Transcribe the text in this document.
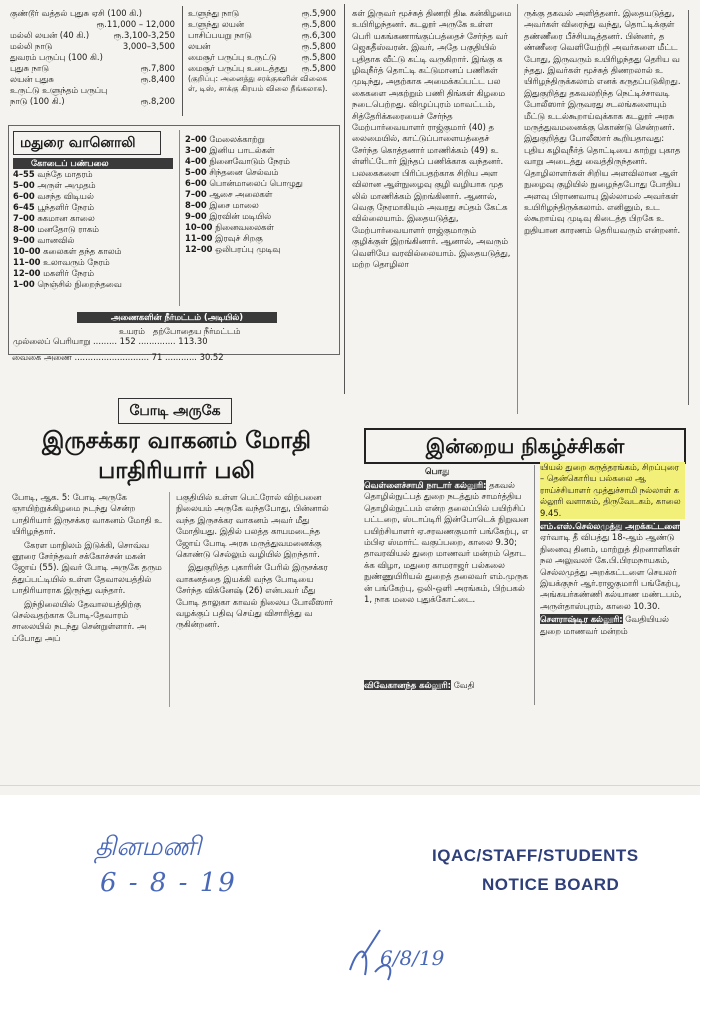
குண்டூர் வத்தல் புதுசு ஏசி (100 கி.)
ரூ.11,000 – 12,000
மல்லி லயன் (40 கி.)	ரூ.3,100-3,250
மல்லி நாடு	3,000–3,500
துவரம் பருப்பு (100 கி.)
புதுசு நாடு	ரூ.7,800
லயன் புதுசு	ரூ.8,400
உருட்டு உளுந்தம் பருப்பு
நாடு (100 கி.)	ரூ.8,200
உளுந்து நாடு	ரூ.5,900
உளுந்து லயன்	ரூ.5,800
பாசிப்பயறு நாடு	ரூ.6,300
லயன்	ரூ.5,800
மைசூர் பருப்பு உருட்டு	ரூ.5,800
மைசூர் பருப்பு உடைத்தது ரூ.5,800
(குறிப்பு: அனைத்து சரக்குகளின் விலைகள், டிஸ், சாக்கு கிரயம் விலை நீங்கலாக).
மதுரை வானொலி
கோடைப் பண்பலை
4–55 வந்தே மாதரம்
5–00 அருள் அமுதம்
6–00 வசந்த விடியல்
6–45 பூந்தளிர் நேரம்
7–00 சுகமான காலை
8–00 மனதோடு ராகம்
9–00 வானவில்
10–00 கலைகள் தந்த காலம்
11–00 உலாவரும் நேரம்
12–00 மகளிர் நேரம்
1–00 நெஞ்சில் நிறைந்தவை
2–00 மேலைக்காற்று
3–00 இனிய பாடல்கள்
4–00 நினைவோடும் நேரம்
5–00 சிந்தனை செல்வம்
6–00 பொன்மாலைப் பொழுது
7–00 ஆசை அலைகள்
8–00 இசை மாலை
9–00 இரவின் மடியில்
10–00 நினைவலைகள்
11–00 இரவுச் சிறகு
12–00 ஒலிபரப்பு முடிவு
அணைகளின் நீர்மட்டம் (அடியில்)
உயரம் தற்போதைய நீர்மட்டம்
முல்லைப் பெரியாறு ......... 152 .............. 113.30
வைகை அணை ............................ 71 ............ 30.52
போடி அருகே
இருசக்கர வாகனம் மோதி
பாதிரியார் பலி

போடி, ஆக. 5: போடி அருகே ஞாயிற்றுக்கிழமை நடந்து சென்ற பாதிரியார் இருசக்கர வாகனம் மோதி உயிரிழந்தார்.

கேரள மாநிலம் இடுக்கி, சொவ்வனூரை சேர்ந்தவர் சக்கோச்சன் மகன் ஜோய் (55). இவர் போடி அருகே தருமத்துப்பட்டியில் உள்ள தேவாலயத்தில் பாதிரியாராக இருந்து வந்தார்.

இந்நிலையில் தேவாலயத்திற்கு செல்வதற்காக போடி-தேவாரம் சாலையில் நடந்து சென்றுள்ளார். அப்போது அப்

பகுதியில் உள்ள பெட்ரோல் விற்பனை நிலையம் அருகே வந்தபோது, பின்னால் வந்த இருசக்கர வாகனம் அவர் மீது மோதியது. இதில் பலத்த காயமடைந்த ஜோய் போடி அரசு மருத்துவமனைக்கு கொண்டு செல்லும் வழியில் இறந்தார்.

இதுகுறித்த புகாரின் பேரில் இருசக்கர வாகனத்தை இயக்கி வந்த போடியை சேர்ந்த விக்னேஷ் (26) என்பவர் மீது போடி தாலுகா காவல் நிலைய போலீஸார் வழக்குப் பதிவு செய்து விசாரித்து வருகின்றனர்.

கள் இருவர் மூச்சுத் திணறி திடீ கன்கிழமை உயிரிழந்தனர். கடலூர் அருகே உள்ள பெரி யகங்கணாங்குப்பத்தைச் சேர்ந்த வர் ஜெகதீஸ்வரன். இவர், அதே பகுதியில் புதிதாக வீட்டு கட்டி வருகிறார். இங்கு கழிவுநீர்த் தொட்டி கட்டுமானப் பணிகள் முடிந்து, அதற்காக அமைக்கப்பட்ட பலகைகளை அகற்றும் பணி திங்கள் கிழமை நடைபெற்றது. விழுப்புரம் மாவட்டம், சித்தேரிக்கரையைச் சேர்ந்த மேற்பார்வையாளர் ராஜ்குமார் (40) தலைமையில், காட்டுப்பாளையத்தைச் சேர்ந்த கொத்தனார் மாணிக்கம் (49) உள்ளிட்டோர் இந்தப் பணிக்காக வந்தனர். பலகைகளை பிரிப்பதற்காக சிறிய அளவிலான ஆள்நுழைவு குழி வழியாக முதலில் மாணிக்கம் இறங்கினார். ஆனால், வெகு நேரமாகியும் அவரது சப்தம் கேட்கவில்லையாம். இதையடுத்து, மேற்பார்வையாளர் ராஜ்குமாரும் குழிக்குள் இறங்கினார். ஆனால், அவரும் வெளியே வரவில்லையாம். இதையடுத்து, மற்ற தொழிலா
ருக்கு தகவல் அளித்தனர். இதையடுத்து, அவர்கள் விரைந்து வந்து, தொட்டிக்குள் தண்ணீரை பீச்சியடித்தனர். பின்னர், தண்ணீரை வெளியேற்றி அவர்களை மீட்டபோது, இருவரும் உயிரிழந்தது தெரிய வந்தது. இவர்கள் மூச்சுத் திணறலால் உயிரிழந்திருக்கலாம் எனக் கருதப்படுகிறது. இதுகுறித்து தகவலறிந்த நெட்டிச்சாவடி போலீஸார் இருவரது சடலங்களையும் மீட்டு உடல்கூறாய்வுக்காக கடலூர் அரசு மருத்துவமனைக்கு கொண்டு சென்றனர். இதுகுறித்து போலீஸார் கூறியதாவது: புதிய கழிவுநீர்த் தொட்டியை காற்று புகாதவாறு அடைத்து வைத்திருந்தனர். தொழிலாளர்கள் சிறிய அளவிலான ஆள் நுழைவு குழியில் நுழைந்தபோது போதிய அளவு பிராணவாயு இல்லாமல் அவர்கள் உயிரிழந்திருக்கலாம். எனினும், உடல்கூறாய்வு முடிவு கிடைத்த பிறகே உறுதியான காரணம் தெரியவரும் என்றனர்.
இன்றைய நிகழ்ச்சிகள்
பொது

வெள்ளைச்சாமி நாடார் கல்லூரி: தகவல் தொழில்நுட்பத் துறை நடத்தும் சாமர்த்திய தொழில்நுட்பம் என்ற தலைப்பில் பயிற்சிப் பட்டறை, ஸ்டாப்டிரி இன்போடெக் நிறுவன பயிற்சியாளர் ஏ.சரவணகுமார் பங்கேற்பு, எம்பிஏ ஸ்மார்ட் வகுப்பறை, காலை 9.30; தாவரவியல் துறை மாணவர் மன்றம் தொடக்க விழா, மதுரை காமராஜர் பல்கலை நுண்ணுயிரியல் துறைத் தலைவர் எம்.முருகன் பங்கேற்பு, ஒலி-ஒளி அரங்கம், பிற்பகல் 1, நாக மலை புதுக்கோட்டை.

விவேகானந்த கல்லூரி: வேதி

யியல் துறை கருத்தரங்கம், சிறப்புரை – தென்கொரிய பல்கலை ஆராய்ச்சியாளர் முத்துச்சாமி நல்லாள் கல்லூரி வளாகம், திருவேடகம், காலை 9.45.

எம்.எஸ்.செல்லமுத்து அறக்கட்டளை ஏர்வாடி தீ விபத்து 18-ஆம் ஆண்டு நினைவு தினம், மாற்றுத் திறனாளிகள் நல அலுவலர் கே.பி.பிரமநாயகம், செல்லமுத்து அறக்கட்டளை செயலர் இயக்குநர் ஆர்.ராஜகுமாரி பங்கேற்பு, அங்கயர்கண்ணி கல்யாண மண்டபம், அருள்தாஸ்புரம், காலை 10.30.

சௌராஷ்டிர கல்லூரி: வேதியியல் துறை மாணவர் மன்றம்

தினமணி
6 - 8 - 19
6/8/19
IQAC/STAFF/STUDENTS
NOTICE BOARD
